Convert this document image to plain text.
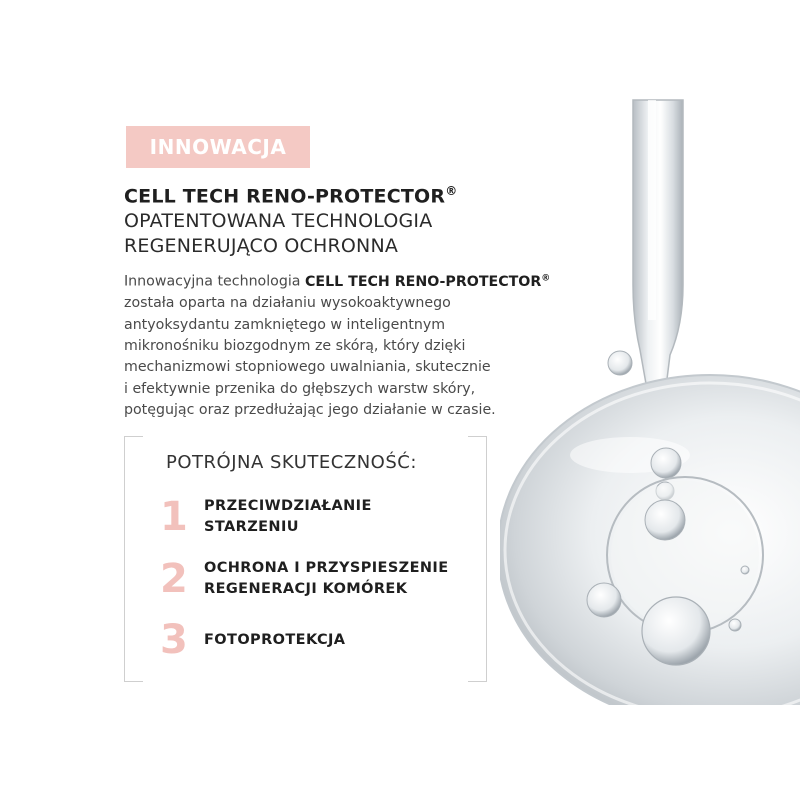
INNOWACJA
CELL TECH RENO-PROTECTOR®
OPATENTOWANA TECHNOLOGIA
REGENERUJĄCO OCHRONNA
Innowacyjna technologia CELL TECH RENO-PROTECTOR®
została oparta na działaniu wysokoaktywnego
antyoksydantu zamkniętego w inteligentnym
mikronośniku biozgodnym ze skórą, który dzięki
mechanizmowi stopniowego uwalniania, skutecznie
i efektywnie przenika do głębszych warstw skóry,
potęgując oraz przedłużając jego działanie w czasie.
POTRÓJNA SKUTECZNOŚĆ:
1	PRZECIWDZIAŁANIE
STARZENIU
2	OCHRONA I PRZYSPIESZENIE
REGENERACJI KOMÓREK
3	FOTOPROTEKCJA
